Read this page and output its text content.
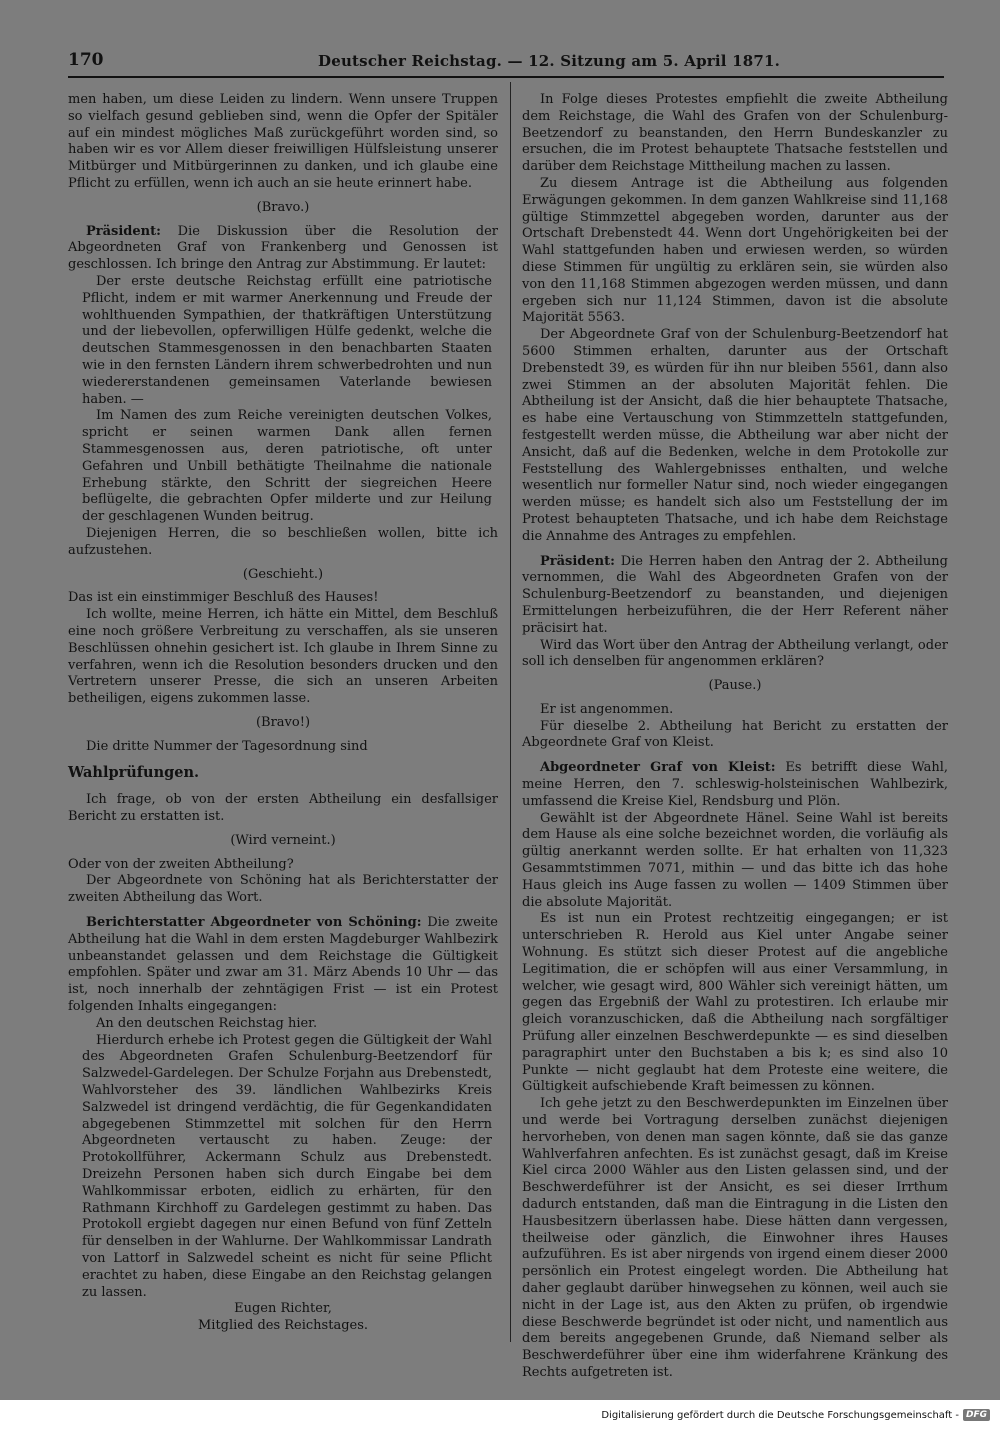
170	Deutscher Reichstag. — 12. Sitzung am 5. April 1871.

men haben, um diese Leiden zu lindern. Wenn unsere Truppen so vielfach gesund geblieben sind, wenn die Opfer der Spitäler auf ein mindest mögliches Maß zurückgeführt worden sind, so haben wir es vor Allem dieser freiwilligen Hülfsleistung unserer Mitbürger und Mitbürgerinnen zu danken, und ich glaube eine Pflicht zu erfüllen, wenn ich auch an sie heute erinnert habe.

(Bravo.)

Präsident: Die Diskussion über die Resolution der Abgeordneten Graf von Frankenberg und Genossen ist geschlossen. Ich bringe den Antrag zur Abstimmung. Er lautet:

Der erste deutsche Reichstag erfüllt eine patriotische Pflicht, indem er mit warmer Anerkennung und Freude der wohlthuenden Sympathien, der thatkräftigen Unterstützung und der liebevollen, opferwilligen Hülfe gedenkt, welche die deutschen Stammesgenossen in den benachbarten Staaten wie in den fernsten Ländern ihrem schwerbedrohten und nun wiedererstandenen gemeinsamen Vaterlande bewiesen haben. —

Im Namen des zum Reiche vereinigten deutschen Volkes, spricht er seinen warmen Dank allen fernen Stammesgenossen aus, deren patriotische, oft unter Gefahren und Unbill bethätigte Theilnahme die nationale Erhebung stärkte, den Schritt der siegreichen Heere beflügelte, die gebrachten Opfer milderte und zur Heilung der geschlagenen Wunden beitrug.

Diejenigen Herren, die so beschließen wollen, bitte ich aufzustehen.

(Geschieht.)

Das ist ein einstimmiger Beschluß des Hauses!

Ich wollte, meine Herren, ich hätte ein Mittel, dem Beschluß eine noch größere Verbreitung zu verschaffen, als sie unseren Beschlüssen ohnehin gesichert ist. Ich glaube in Ihrem Sinne zu verfahren, wenn ich die Resolution besonders drucken und den Vertretern unserer Presse, die sich an unseren Arbeiten betheiligen, eigens zukommen lasse.

(Bravo!)

Die dritte Nummer der Tagesordnung sind

Wahlprüfungen.

Ich frage, ob von der ersten Abtheilung ein desfallsiger Bericht zu erstatten ist.

(Wird verneint.)

Oder von der zweiten Abtheilung?

Der Abgeordnete von Schöning hat als Berichterstatter der zweiten Abtheilung das Wort.

Berichterstatter Abgeordneter von Schöning: Die zweite Abtheilung hat die Wahl in dem ersten Magdeburger Wahlbezirk unbeanstandet gelassen und dem Reichstage die Gültigkeit empfohlen. Später und zwar am 31. März Abends 10 Uhr — das ist, noch innerhalb der zehntägigen Frist — ist ein Protest folgenden Inhalts eingegangen:

An den deutschen Reichstag hier.

Hierdurch erhebe ich Protest gegen die Gültigkeit der Wahl des Abgeordneten Grafen Schulenburg-Beetzendorf für Salzwedel-Gardelegen. Der Schulze Forjahn aus Drebenstedt, Wahlvorsteher des 39. ländlichen Wahlbezirks Kreis Salzwedel ist dringend verdächtig, die für Gegenkandidaten abgegebenen Stimmzettel mit solchen für den Herrn Abgeordneten vertauscht zu haben. Zeuge: der Protokollführer, Ackermann Schulz aus Drebenstedt. Dreizehn Personen haben sich durch Eingabe bei dem Wahlkommissar erboten, eidlich zu erhärten, für den Rathmann Kirchhoff zu Gardelegen gestimmt zu haben. Das Protokoll ergiebt dagegen nur einen Befund von fünf Zetteln für denselben in der Wahlurne. Der Wahlkommissar Landrath von Lattorf in Salzwedel scheint es nicht für seine Pflicht erachtet zu haben, diese Eingabe an den Reichstag gelangen zu lassen.

Eugen Richter,

Mitglied des Reichstages.

In Folge dieses Protestes empfiehlt die zweite Abtheilung dem Reichstage, die Wahl des Grafen von der Schulenburg-Beetzendorf zu beanstanden, den Herrn Bundeskanzler zu ersuchen, die im Protest behauptete Thatsache feststellen und darüber dem Reichstage Mittheilung machen zu lassen.

Zu diesem Antrage ist die Abtheilung aus folgenden Erwägungen gekommen. In dem ganzen Wahlkreise sind 11,168 gültige Stimmzettel abgegeben worden, darunter aus der Ortschaft Drebenstedt 44. Wenn dort Ungehörigkeiten bei der Wahl stattgefunden haben und erwiesen werden, so würden diese Stimmen für ungültig zu erklären sein, sie würden also von den 11,168 Stimmen abgezogen werden müssen, und dann ergeben sich nur 11,124 Stimmen, davon ist die absolute Majorität 5563.

Der Abgeordnete Graf von der Schulenburg-Beetzendorf hat 5600 Stimmen erhalten, darunter aus der Ortschaft Drebenstedt 39, es würden für ihn nur bleiben 5561, dann also zwei Stimmen an der absoluten Majorität fehlen. Die Abtheilung ist der Ansicht, daß die hier behauptete Thatsache, es habe eine Vertauschung von Stimmzetteln stattgefunden, festgestellt werden müsse, die Abtheilung war aber nicht der Ansicht, daß auf die Bedenken, welche in dem Protokolle zur Feststellung des Wahlergebnisses enthalten, und welche wesentlich nur formeller Natur sind, noch wieder eingegangen werden müsse; es handelt sich also um Feststellung der im Protest behaupteten Thatsache, und ich habe dem Reichstage die Annahme des Antrages zu empfehlen.

Präsident: Die Herren haben den Antrag der 2. Abtheilung vernommen, die Wahl des Abgeordneten Grafen von der Schulenburg-Beetzendorf zu beanstanden, und diejenigen Ermittelungen herbeizuführen, die der Herr Referent näher präcisirt hat.

Wird das Wort über den Antrag der Abtheilung verlangt, oder soll ich denselben für angenommen erklären?

(Pause.)

Er ist angenommen.

Für dieselbe 2. Abtheilung hat Bericht zu erstatten der Abgeordnete Graf von Kleist.

Abgeordneter Graf von Kleist: Es betrifft diese Wahl, meine Herren, den 7. schleswig-holsteinischen Wahlbezirk, umfassend die Kreise Kiel, Rendsburg und Plön.

Gewählt ist der Abgeordnete Hänel. Seine Wahl ist bereits dem Hause als eine solche bezeichnet worden, die vorläufig als gültig anerkannt werden sollte. Er hat erhalten von 11,323 Gesammtstimmen 7071, mithin — und das bitte ich das hohe Haus gleich ins Auge fassen zu wollen — 1409 Stimmen über die absolute Majorität.

Es ist nun ein Protest rechtzeitig eingegangen; er ist unterschrieben R. Herold aus Kiel unter Angabe seiner Wohnung. Es stützt sich dieser Protest auf die angebliche Legitimation, die er schöpfen will aus einer Versammlung, in welcher, wie gesagt wird, 800 Wähler sich vereinigt hätten, um gegen das Ergebniß der Wahl zu protestiren. Ich erlaube mir gleich voranzuschicken, daß die Abtheilung nach sorgfältiger Prüfung aller einzelnen Beschwerdepunkte — es sind dieselben paragraphirt unter den Buchstaben a bis k; es sind also 10 Punkte — nicht geglaubt hat dem Proteste eine weitere, die Gültigkeit aufschiebende Kraft beimessen zu können.

Ich gehe jetzt zu den Beschwerdepunkten im Einzelnen über und werde bei Vortragung derselben zunächst diejenigen hervorheben, von denen man sagen könnte, daß sie das ganze Wahlverfahren anfechten. Es ist zunächst gesagt, daß im Kreise Kiel circa 2000 Wähler aus den Listen gelassen sind, und der Beschwerdeführer ist der Ansicht, es sei dieser Irrthum dadurch entstanden, daß man die Eintragung in die Listen den Hausbesitzern überlassen habe. Diese hätten dann vergessen, theilweise oder gänzlich, die Einwohner ihres Hauses aufzuführen. Es ist aber nirgends von irgend einem dieser 2000 persönlich ein Protest eingelegt worden. Die Abtheilung hat daher geglaubt darüber hinwegsehen zu können, weil auch sie nicht in der Lage ist, aus den Akten zu prüfen, ob irgendwie diese Beschwerde begründet ist oder nicht, und namentlich aus dem bereits angegebenen Grunde, daß Niemand selber als Beschwerdeführer über eine ihm widerfahrene Kränkung des Rechts aufgetreten ist.

Digitalisierung gefördert durch die Deutsche Forschungsgemeinschaft - DFG
